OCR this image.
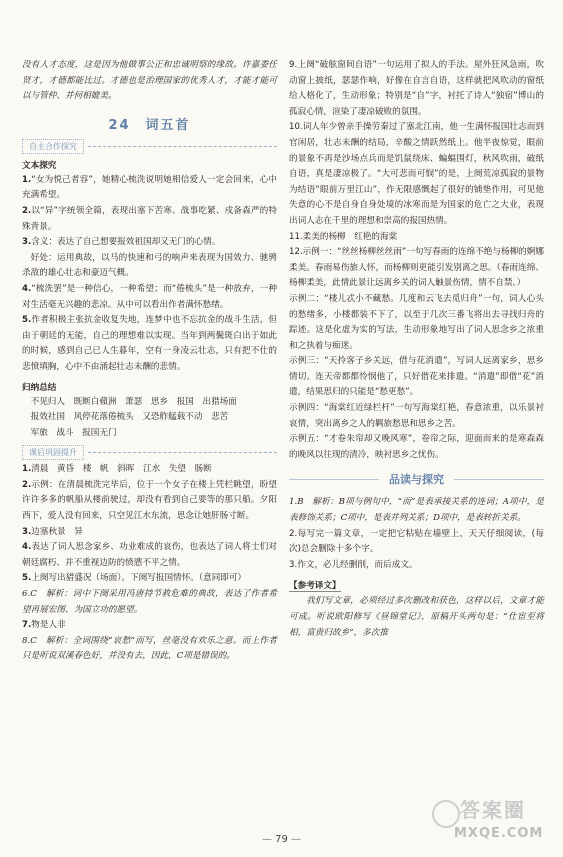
没有人才态度，这是因为他做事公正和忠诚明察的缘故。许嘉委任贤才，才德都能比过。才德也是治理国家的优秀人才，才能才能可以与管仲、并何相媲美。

24　词五首
自主合作探究
文本探究

1.“女为悦己者容”，她精心梳洗说明她相信爱人一定会回来，心中充满希望。

2.以“异”字统领全篇，表现出塞下苦寒、战事吃紧、戍备森严的特殊背景。

3.含义：表达了自己想要报效祖国却又无门的心情。

好处：运用典故，以马的快速和弓的响声来表现为国效力、驰骋杀敌的雄心壮志和豪迈气概。

4.“梳洗罢”是一种信心，一种希望；而“倦梳头”是一种放弃，一种对生活毫无兴趣的悲凉。从中可以看出作者满怀愁绪。

5.作者积极主张抗金收复失地，连梦中也不忘抗金的战斗生活，但由于朝廷的无能，自己的理想难以实现。当年到两鬓斑白出于如此的时候，感到自己已人生暮年，空有一身凌云壮志，只有把不仕的悲愤填胸，心中不由涌起壮志未酬的悲情。

归纳总结

不见归人　既断白蘋洲　萧瑟　思乡　报国　出猎场面

报效社国　风停花落倦梳头　又恐舴艋载不动　悲苦

军旅　战斗　报国无门

课后巩固提升

1.清晨　黄昏　楼　帆　斜晖　江水　失望　肠断

2.示例：在清晨梳洗完毕后，位于一个女子在楼上凭栏眺望，盼望许许多多的帆船从楼前驶过，却没有看到自己要等的那只船。夕阳西下，爱人没有回来，只空见江水东流，思念让她肝肠寸断。

3.边塞秋景　异

4.表达了词人思念家乡、功业难成的哀伤，也表达了词人将士们对朝廷腐朽、并不重视边防的愤懑不平之情。

5.上阕写出猎盛况（场面）。下阕写报国情怀。（意同即可）

6.C　解析：词中下阕采用冯唐持节救危难的典故，表达了作者希望再展宏图、为国立功的愿望。

7.物是人非

8.C　解析：全词围绕“哀愁”而写，丝毫没有欢乐之意。而上作者只是听说双溪春色好，并没有去，因此，C项是错误的。

9.上阕“破舷窗间自语”一句运用了拟人的手法。屋外狂风急雨，吹动窗上披纸，瑟瑟作响，好像在自言自语，这样就把风吹动的窗纸给人格化了，生动形象；特别是“自”字，衬托了诗人“独宿”博山的孤寂心情，渲染了凄凉破败的氛围。

10.词人年少曾亲手操劳秦过了塞北江南，他一生满怀报国壮志而到官闲居，壮志未酬的结局，辛酸之情跃然纸上。他半夜惊觉，眼前的景象不再是沙场点兵而是饥鼠绕床、蝙蝠围灯，秋风吹雨，破纸自语，真是凄凉极了。“大可悲而可悯”的是，上阕荒凉孤寂的景物为结语“眼前万里江山”，作无限感慨起了很好的铺垫作用，可见他失意的心不是自身自身处境的冰寒而是为国家的危亡之大业，表现出词人志在千里的理想和崇高的报国热情。

11.柔美的杨柳　红艳的海棠

12.示例一：“丝丝杨柳丝丝雨”一句写春雨的连绵不绝与杨柳的婀娜柔美。春雨易伤旅人怀，而杨柳则更能引发别离之思。（春雨连绵、杨柳柔美，此情此景让远离乡关的词人触景伤情，情不自禁。）

示例二：“楼儿忒小不藏愁。几度和云飞去觅归舟”一句，词人心头的愁绪多，小楼都装不下了，以至于几次三番飞将出去寻找归舟的踪迹。这是化虚为实的写法，生动形象地写出了词人思念乡之浓重和之执着与痴迷。

示例三：“天拎客子乡关远，借与花消遣”，写词人远离家乡，思乡情切。连天帝都都怜悯他了，只好借花来排遣。“消遣”即借“花”消遣，结果思归的只能是“愁更愁”。

示例四：“海棠红近绿栏杆”一句写海棠红艳，春意浓重，以乐景衬哀情，突出离乡之人的羁旅愁思和思乡之苦。

示例五：“才卷朱帘却又晚风寒”，卷帘之际，迎面而来的是寒森森的晚风以往现的清冷，映衬思乡之忧伤。

品读与探究

1.B　解析：B项与例句中，“而”是表承接关系的连词；A项中，是表修饰关系；C项中，是表并列关系；D项中，是表转折关系。

2.每写完一篇文章，一定把它粘贴在墙壁上，天天仔细阅读，(每次)总会删除十多个字。

3.作文，必儿经删削，而后成文。

【参考译文】

我们写文章，必须经过多次删改和获色，这样以后，文章才能可成。听说欧阳修写《昼锦堂记》，原稿开头两句是：“仕宦至将相，富贵归故乡”，多次推

— 79 —
答案圈
MXQE.COM
